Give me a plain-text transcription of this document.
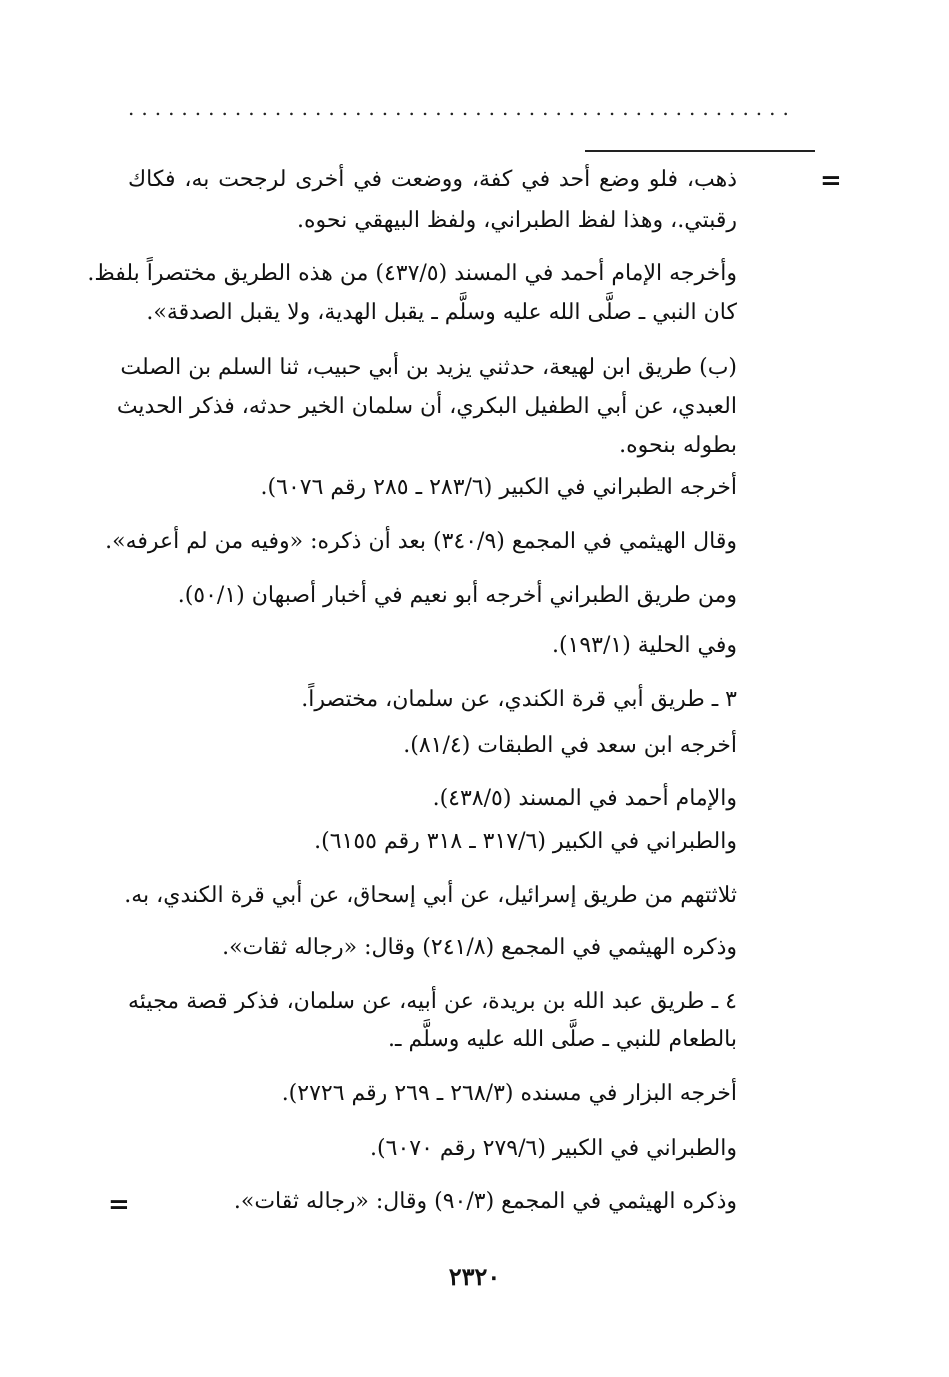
..................................................
=
ذهب، فلو وضع أحد في كفة، ووضعت في أخرى لرجحت به، فكاك
رقبتي.، وهذا لفظ الطبراني، ولفظ البيهقي نحوه.
وأخرجه الإمام أحمد في المسند (٤٣٧/٥) من هذه الطريق مختصراً بلفظ.
كان النبي ـ صلَّى الله عليه وسلَّم ـ يقبل الهدية، ولا يقبل الصدقة».
(ب) طريق ابن لهيعة، حدثني يزيد بن أبي حبيب، ثنا السلم بن الصلت
العبدي، عن أبي الطفيل البكري، أن سلمان الخير حدثه، فذكر الحديث
بطوله بنحوه.
أخرجه الطبراني في الكبير (٢٨٣/٦ ـ ٢٨٥ رقم ٦٠٧٦).
وقال الهيثمي في المجمع (٣٤٠/٩) بعد أن ذكره: «وفيه من لم أعرفه».
ومن طريق الطبراني أخرجه أبو نعيم في أخبار أصبهان (٥٠/١).
وفي الحلية (١٩٣/١).
٣ ـ طريق أبي قرة الكندي، عن سلمان، مختصراً.
أخرجه ابن سعد في الطبقات (٨١/٤).
والإمام أحمد في المسند (٤٣٨/٥).
والطبراني في الكبير (٣١٧/٦ ـ ٣١٨ رقم ٦١٥٥).
ثلاثتهم من طريق إسرائيل، عن أبي إسحاق، عن أبي قرة الكندي، به.
وذكره الهيثمي في المجمع (٢٤١/٨) وقال: «رجاله ثقات».
٤ ـ طريق عبد الله بن بريدة، عن أبيه، عن سلمان، فذكر قصة مجيئه
بالطعام للنبي ـ صلَّى الله عليه وسلَّم ـ.
أخرجه البزار في مسنده (٢٦٨/٣ ـ ٢٦٩ رقم ٢٧٢٦).
والطبراني في الكبير (٢٧٩/٦ رقم ٦٠٧٠).
وذكره الهيثمي في المجمع (٩٠/٣) وقال: «رجاله ثقات».
=
٢٣٢٠
